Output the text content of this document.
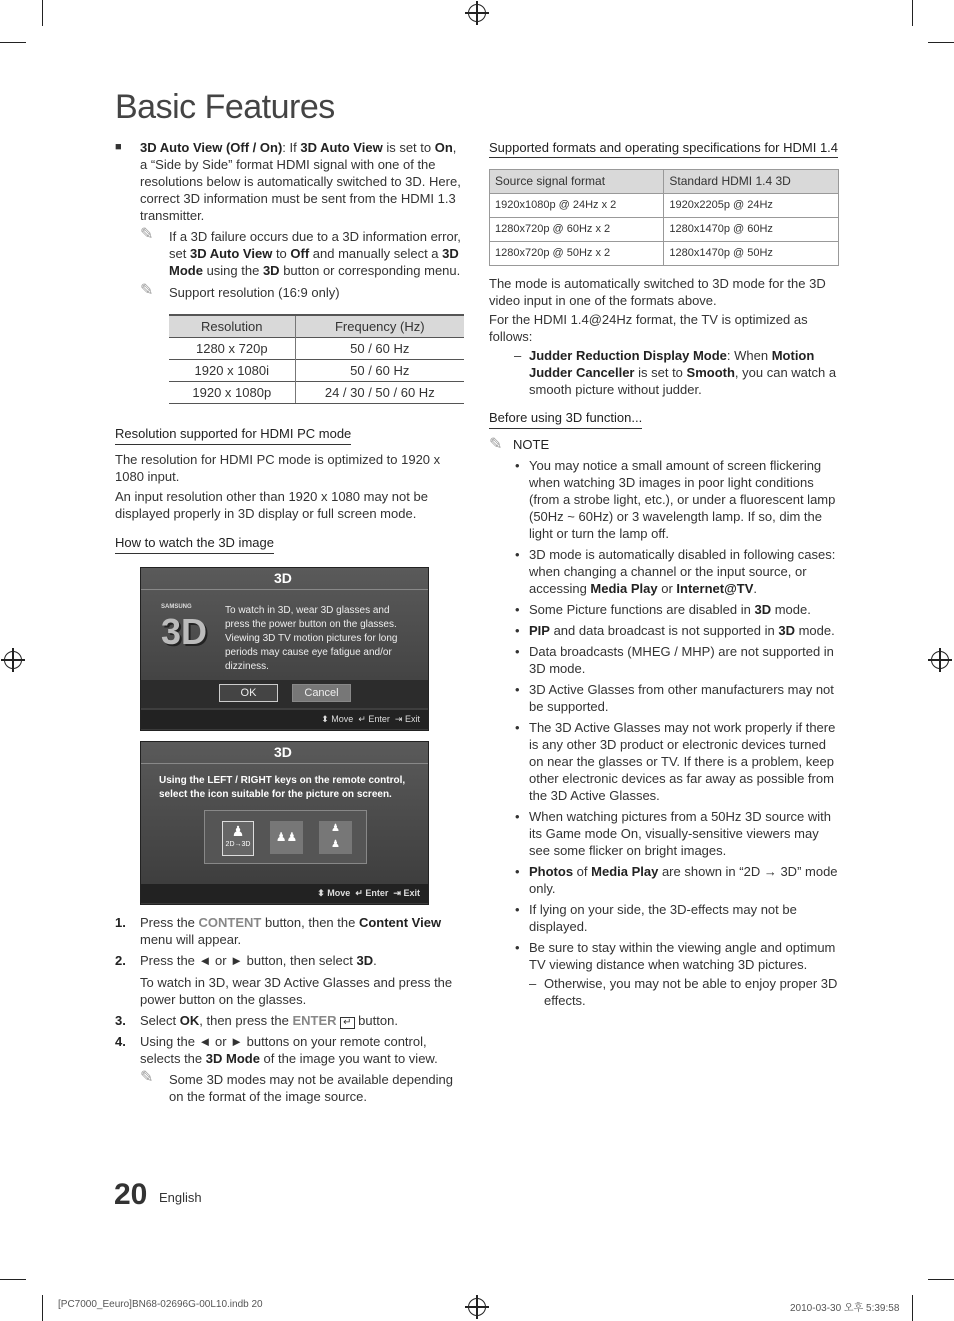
Basic Features
■ 3D Auto View (Off / On): If 3D Auto View is set to On, a “Side by Side” format HDMI signal with one of the resolutions below is automatically switched to 3D. Here, correct 3D information must be sent from the HDMI 1.3 transmitter.
✎	If a 3D failure occurs due to a 3D information error, set 3D Auto View to Off and manually select a 3D Mode using the 3D button or corresponding menu.
✎	Support resolution (16:9 only)
Resolution	Frequency (Hz)
1280 x 720p	50 / 60 Hz
1920 x 1080i	50 / 60 Hz
1920 x 1080p	24 / 30 / 50 / 60 Hz
Resolution supported for HDMI PC mode

The resolution for HDMI PC mode is optimized to 1920 x 1080 input.

An input resolution other than 1920 x 1080 may not be displayed properly in 3D display or full screen mode.

How to watch the 3D image
3D
SAMSUNG
3D
To watch in 3D, wear 3D glasses and press the power button on the glasses. Viewing 3D TV motion pictures for long periods may cause eye fatigue and/or dizziness.
OK	Cancel
⬍ Move ↵ Enter ⇥ Exit
3D
Using the LEFT / RIGHT keys on the remote control, select the icon suitable for the picture on screen.
♟
2D→3D
♟♟
♟
♟
⬍ Move ↵ Enter ⇥ Exit
1. Press the CONTENT button, then the Content View menu will appear.
2. Press the ◄ or ► button, then select 3D.

To watch in 3D, wear 3D Active Glasses and press the power button on the glasses.

3. Select OK, then press the ENTER ↵ button.
4. Using the ◄ or ► buttons on your remote control, selects the 3D Mode of the image you want to view.
✎	Some 3D modes may not be available depending on the format of the image source.
Supported formats and operating specifications for HDMI 1.4
Source signal format	Standard HDMI 1.4 3D
1920x1080p @ 24Hz x 2	1920x2205p @ 24Hz
1280x720p @ 60Hz x 2	1280x1470p @ 60Hz
1280x720p @ 50Hz x 2	1280x1470p @ 50Hz

The mode is automatically switched to 3D mode for the 3D video input in one of the formats above.

For the HDMI 1.4@24Hz format, the TV is optimized as follows:

– Judder Reduction Display Mode: When Motion Judder Canceller is set to Smooth, you can watch a smooth picture without judder.
Before using 3D function...
✎ NOTE
• You may notice a small amount of screen flickering when watching 3D images in poor light conditions (from a strobe light, etc.), or under a fluorescent lamp (50Hz ~ 60Hz) or 3 wavelength lamp. If so, dim the light or turn the lamp off.
• 3D mode is automatically disabled in following cases: when changing a channel or the input source, or accessing Media Play or Internet@TV.
• Some Picture functions are disabled in 3D mode.
• PIP and data broadcast is not supported in 3D mode.
• Data broadcasts (MHEG / MHP) are not supported in 3D mode.
• 3D Active Glasses from other manufacturers may not be supported.
• The 3D Active Glasses may not work properly if there is any other 3D product or electronic devices turned on near the glasses or TV. If there is a problem, keep other electronic devices as far away as possible from the 3D Active Glasses.
• When watching pictures from a 50Hz 3D source with its Game mode On, visually-sensitive viewers may see some flicker on bright images.
• Photos of Media Play are shown in “2D → 3D” mode only.
• If lying on your side, the 3D-effects may not be displayed.
• Be sure to stay within the viewing angle and optimum TV viewing distance when watching 3D pictures.
– Otherwise, you may not be able to enjoy proper 3D effects.
20 English
[PC7000_Eeuro]BN68-02696G-00L10.indb 20	2010-03-30 오후 5:39:58
